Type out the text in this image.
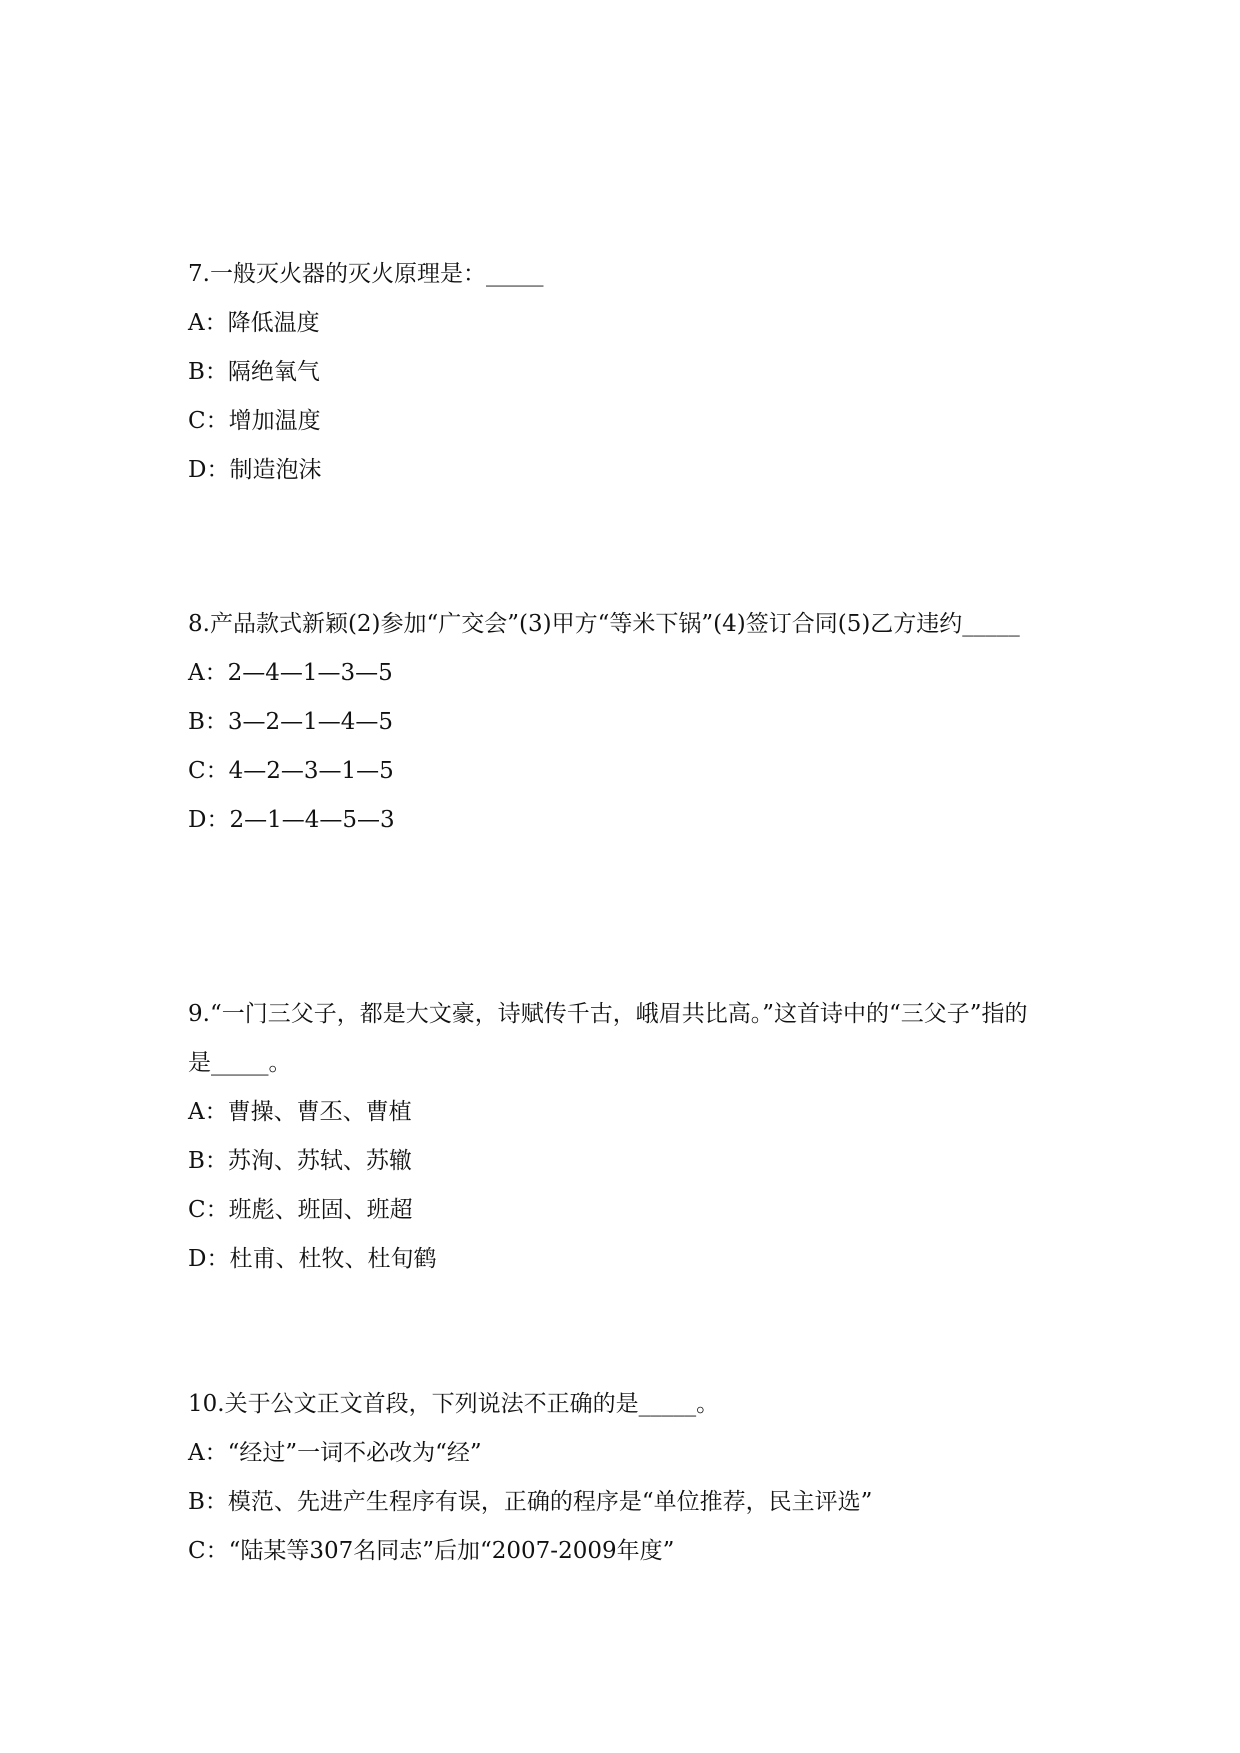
7.一般灭火器的灭火原理是：_____

A：降低温度

B：隔绝氧气

C：增加温度

D：制造泡沫

8.产品款式新颖(2)参加“广交会”(3)甲方“等米下锅”(4)签订合同(5)乙方违约_____

A：2—4—1—3—5

B：3—2—1—4—5

C：4—2—3—1—5

D：2—1—4—5—3

9.“一门三父子，都是大文豪，诗赋传千古，峨眉共比高。”这首诗中的“三父子”指的是_____。

A：曹操、曹丕、曹植

B：苏洵、苏轼、苏辙

C：班彪、班固、班超

D：杜甫、杜牧、杜旬鹤

10.关于公文正文首段，下列说法不正确的是_____。

A：“经过”一词不必改为“经”

B：模范、先进产生程序有误，正确的程序是“单位推荐，民主评选”

C：“陆某等307名同志”后加“2007-2009年度”
